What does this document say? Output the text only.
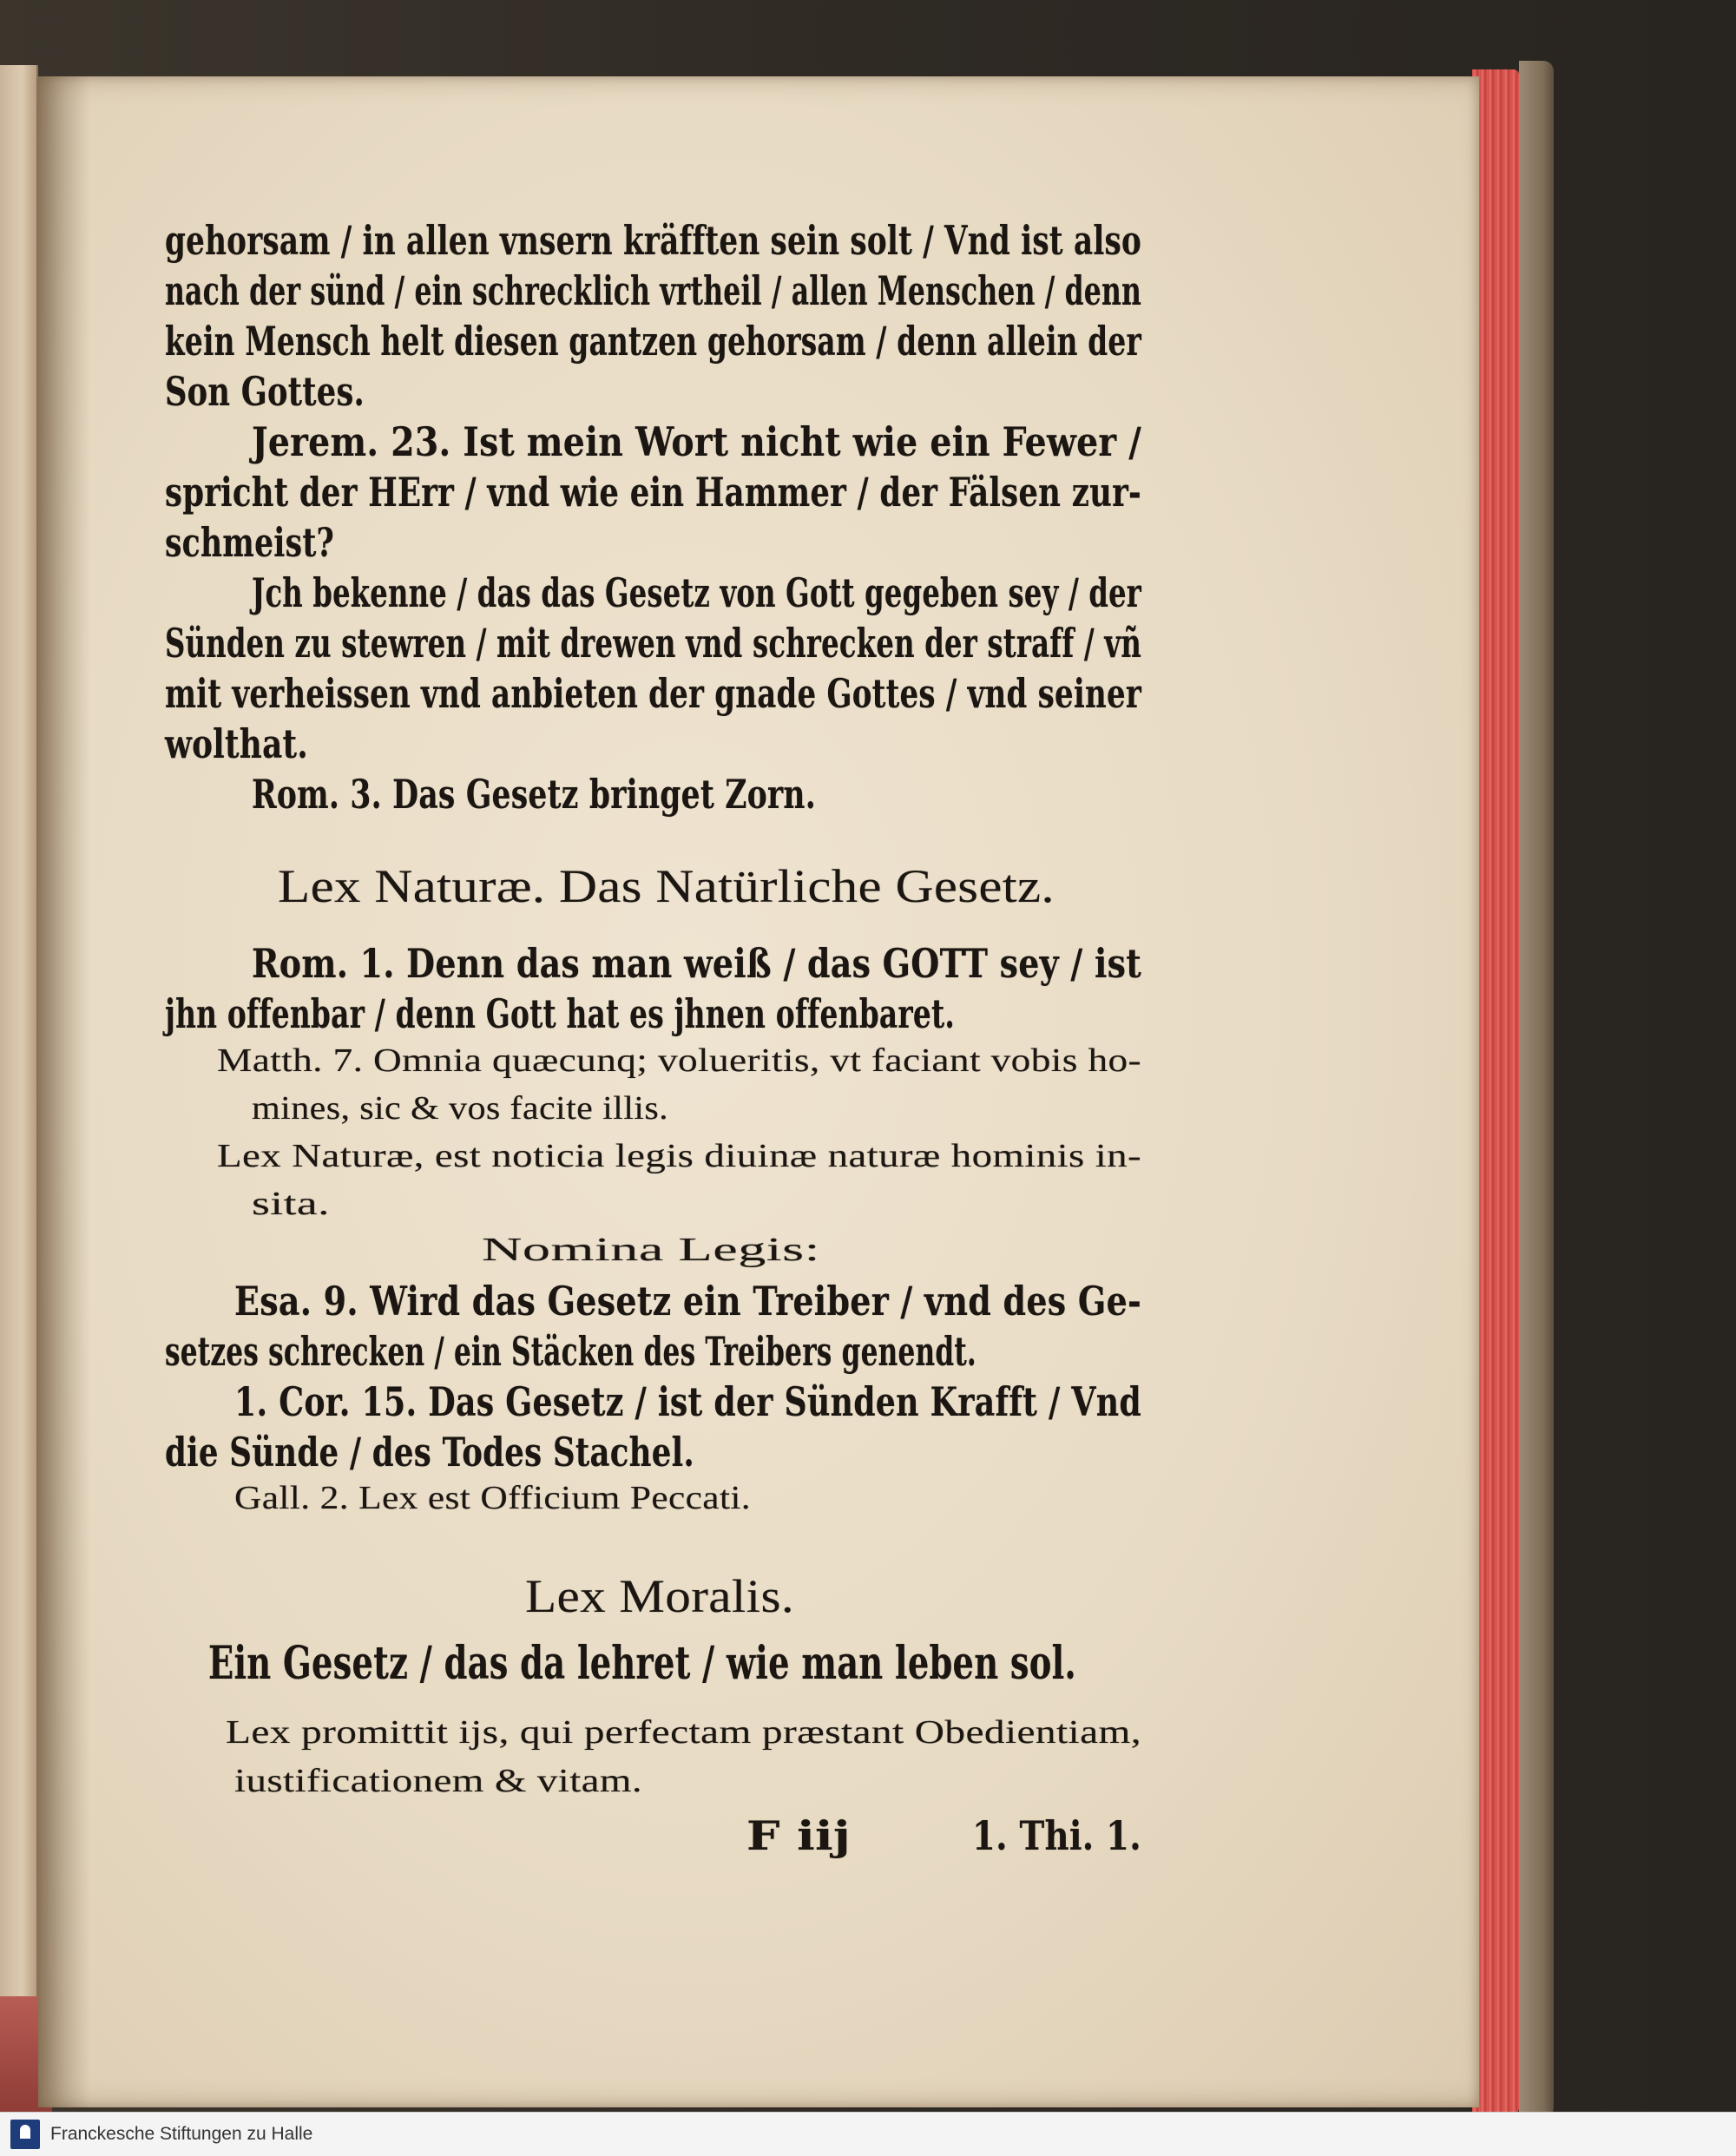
gehorsam / in allen vnsern kräfften sein solt / Vnd ist also
nach der sünd / ein schrecklich vrtheil / allen Menschen / denn
kein Mensch helt diesen gantzen gehorsam / denn allein der
Son Gottes.
Jerem. 23. Ist mein Wort nicht wie ein Fewer /
spricht der HErr / vnd wie ein Hammer / der Fälsen zur-
schmeist?
Jch bekenne / das das Gesetz von Gott gegeben sey / der
Sünden zu stewren / mit drewen vnd schrecken der straff / vñ
mit verheissen vnd anbieten der gnade Gottes / vnd seiner
wolthat.
Rom. 3. Das Gesetz bringet Zorn.
Lex Naturæ. Das Natürliche Gesetz.
Rom. 1. Denn das man weiß / das GOTT sey / ist
jhn offenbar / denn Gott hat es jhnen offenbaret.
Matth. 7. Omnia quæcunq; volueritis, vt faciant vobis ho-
mines, sic & vos facite illis.
Lex Naturæ, est noticia legis diuinæ naturæ hominis in-
sita.
Nomina Legis:
Esa. 9. Wird das Gesetz ein Treiber / vnd des Ge-
setzes schrecken / ein Stäcken des Treibers genendt.
1. Cor. 15. Das Gesetz / ist der Sünden Krafft / Vnd
die Sünde / des Todes Stachel.
Gall. 2. Lex est Officium Peccati.
Lex Moralis.
Ein Gesetz / das da lehret / wie man leben sol.
Lex promittit ijs, qui perfectam præstant Obedientiam,
iustificationem & vitam.
F iij	1. Thi. 1.
Franckesche Stiftungen zu Halle
